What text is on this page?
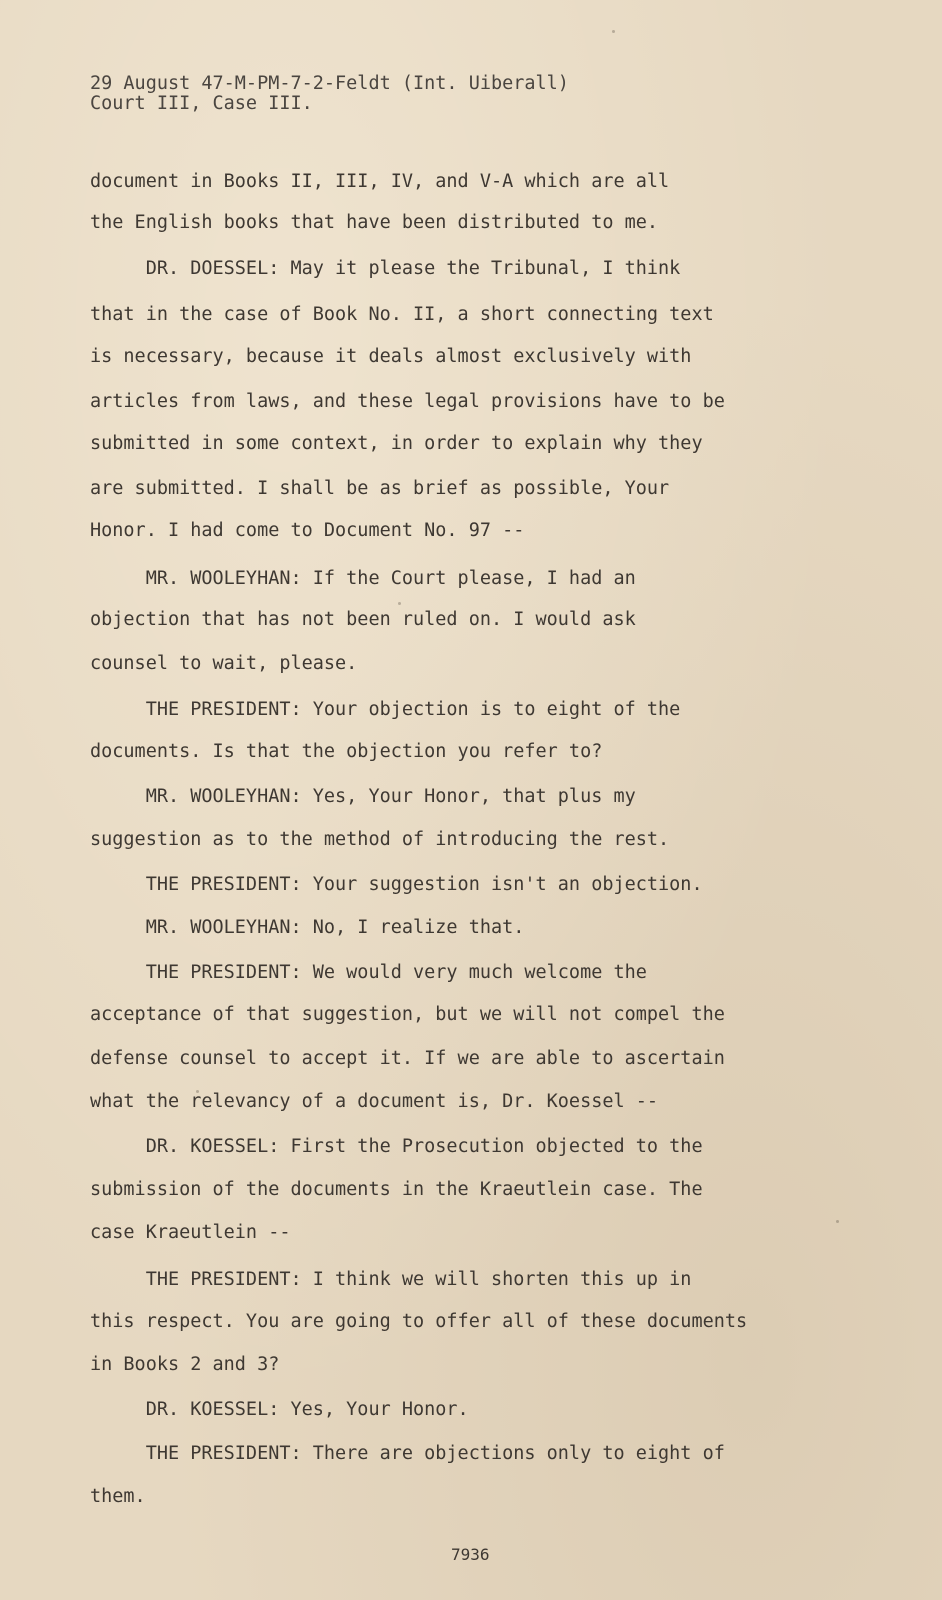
29 August 47-M-PM-7-2-Feldt (Int. Uiberall)
Court III, Case III.
document in Books II, III, IV, and V-A which are all
the English books that have been distributed to me.
DR. DOESSEL: May it please the Tribunal, I think
that in the case of Book No. II, a short connecting text
is necessary, because it deals almost exclusively with
articles from laws, and these legal provisions have to be
submitted in some context, in order to explain why they
are submitted. I shall be as brief as possible, Your
Honor. I had come to Document No. 97 --
MR. WOOLEYHAN: If the Court please, I had an
objection that has not been ruled on. I would ask
counsel to wait, please.
THE PRESIDENT: Your objection is to eight of the
documents. Is that the objection you refer to?
MR. WOOLEYHAN: Yes, Your Honor, that plus my
suggestion as to the method of introducing the rest.
THE PRESIDENT: Your suggestion isn't an objection.
MR. WOOLEYHAN: No, I realize that.
THE PRESIDENT: We would very much welcome the
acceptance of that suggestion, but we will not compel the
defense counsel to accept it. If we are able to ascertain
what the relevancy of a document is, Dr. Koessel --
DR. KOESSEL: First the Prosecution objected to the
submission of the documents in the Kraeutlein case. The
case Kraeutlein --
THE PRESIDENT: I think we will shorten this up in
this respect. You are going to offer all of these documents
in Books 2 and 3?
DR. KOESSEL: Yes, Your Honor.
THE PRESIDENT: There are objections only to eight of
them.
7936
